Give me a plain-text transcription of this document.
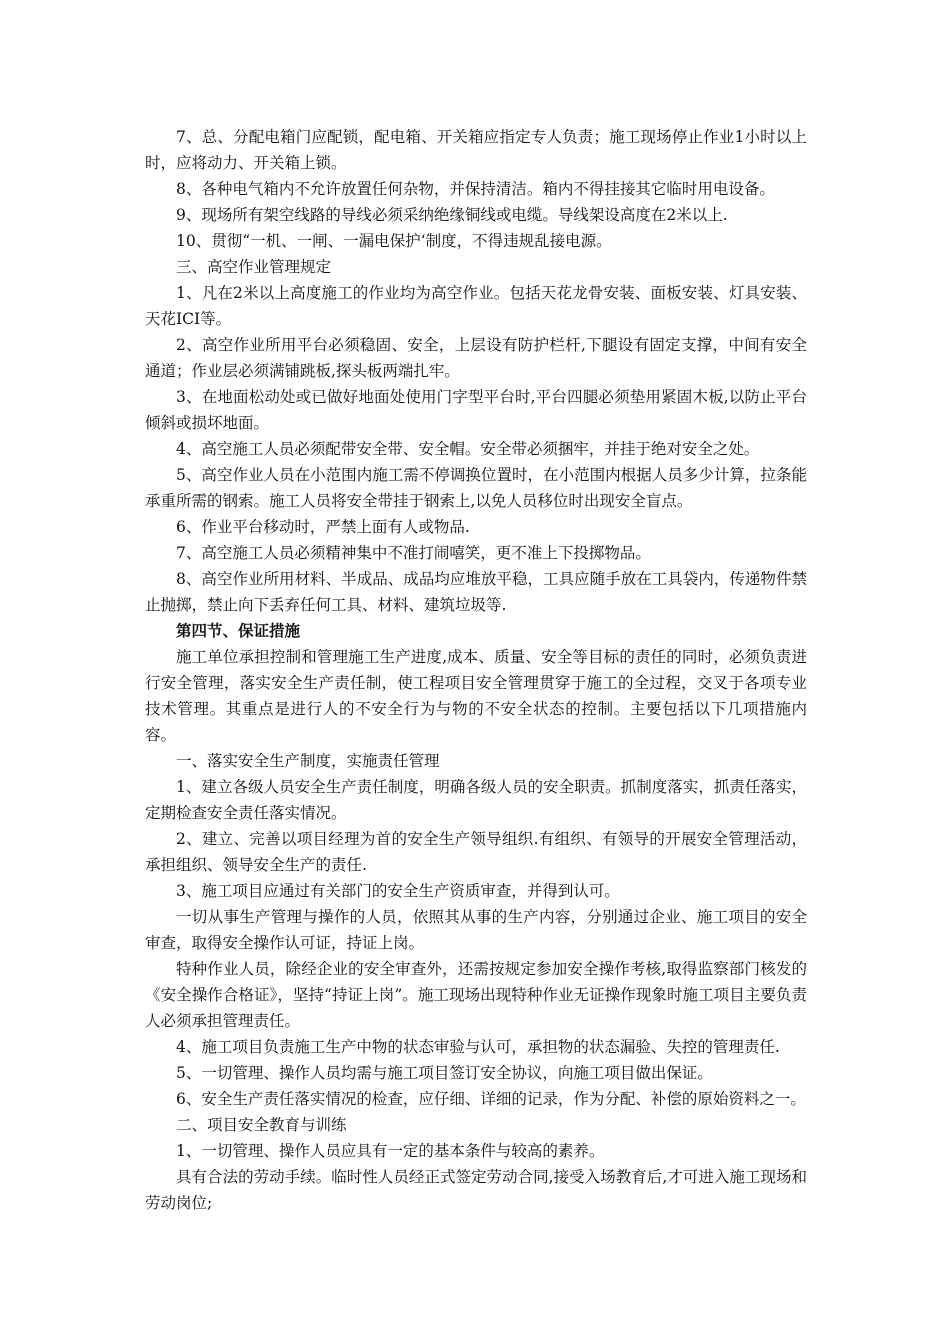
7、总、分配电箱门应配锁，配电箱、开关箱应指定专人负责；施工现场停止作业1小时以上时，应将动力、开关箱上锁。

8、各种电气箱内不允许放置任何杂物，并保持清洁。箱内不得挂接其它临时用电设备。

9、现场所有架空线路的导线必须采纳绝缘铜线或电缆。导线架设高度在2米以上.

10、贯彻“一机、一闸、一漏电保护‘制度，不得违规乱接电源。

三、高空作业管理规定

1、凡在2米以上高度施工的作业均为高空作业。包括天花龙骨安装、面板安装、灯具安装、天花ICI等。

2、高空作业所用平台必须稳固、安全，上层设有防护栏杆,下腿设有固定支撑，中间有安全通道；作业层必须满铺跳板,探头板两端扎牢。

3、在地面松动处或已做好地面处使用门字型平台时,平台四腿必须垫用紧固木板,以防止平台倾斜或损坏地面。

4、高空施工人员必须配带安全带、安全帽。安全带必须捆牢，并挂于绝对安全之处。

5、高空作业人员在小范围内施工需不停调换位置时，在小范围内根据人员多少计算，拉条能承重所需的钢索。施工人员将安全带挂于钢索上,以免人员移位时出现安全盲点。

6、作业平台移动时，严禁上面有人或物品.

7、高空施工人员必须精神集中不准打闹嘻笑，更不准上下投掷物品。

8、高空作业所用材料、半成品、成品均应堆放平稳，工具应随手放在工具袋内，传递物件禁止抛掷，禁止向下丢弃任何工具、材料、建筑垃圾等.

第四节、保证措施

施工单位承担控制和管理施工生产进度,成本、质量、安全等目标的责任的同时，必须负责进行安全管理，落实安全生产责任制，使工程项目安全管理贯穿于施工的全过程，交叉于各项专业技术管理。其重点是进行人的不安全行为与物的不安全状态的控制。主要包括以下几项措施内容。

一、落实安全生产制度，实施责任管理

1、建立各级人员安全生产责任制度，明确各级人员的安全职责。抓制度落实，抓责任落实，定期检查安全责任落实情况。

2、建立、完善以项目经理为首的安全生产领导组织.有组织、有领导的开展安全管理活动，承担组织、领导安全生产的责任.

3、施工项目应通过有关部门的安全生产资质审查，并得到认可。

一切从事生产管理与操作的人员，依照其从事的生产内容，分别通过企业、施工项目的安全审查，取得安全操作认可证，持证上岗。

特种作业人员，除经企业的安全审查外，还需按规定参加安全操作考核,取得监察部门核发的《安全操作合格证》，坚持“持证上岗”。施工现场出现特种作业无证操作现象时施工项目主要负责人必须承担管理责任。

4、施工项目负责施工生产中物的状态审验与认可，承担物的状态漏验、失控的管理责任.

5、一切管理、操作人员均需与施工项目签订安全协议，向施工项目做出保证。

6、安全生产责任落实情况的检查，应仔细、详细的记录，作为分配、补偿的原始资料之一。

二、项目安全教育与训练

1、一切管理、操作人员应具有一定的基本条件与较高的素养。

具有合法的劳动手续。临时性人员经正式签定劳动合同,接受入场教育后,才可进入施工现场和劳动岗位;
